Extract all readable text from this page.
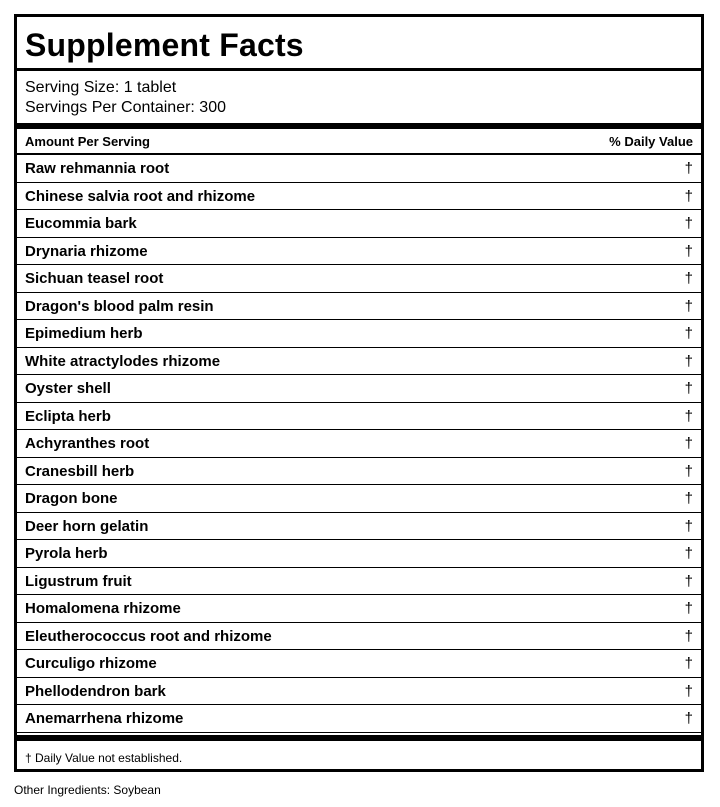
Supplement Facts
Serving Size: 1 tablet
Servings Per Container: 300
Amount Per Serving	% Daily Value
Raw rehmannia root	†
Chinese salvia root and rhizome	†
Eucommia bark	†
Drynaria rhizome	†
Sichuan teasel root	†
Dragon's blood palm resin	†
Epimedium herb	†
White atractylodes rhizome	†
Oyster shell	†
Eclipta herb	†
Achyranthes root	†
Cranesbill herb	†
Dragon bone	†
Deer horn gelatin	†
Pyrola herb	†
Ligustrum fruit	†
Homalomena rhizome	†
Eleutherococcus root and rhizome	†
Curculigo rhizome	†
Phellodendron bark	†
Anemarrhena rhizome	†
† Daily Value not established.
Other Ingredients: Soybean
